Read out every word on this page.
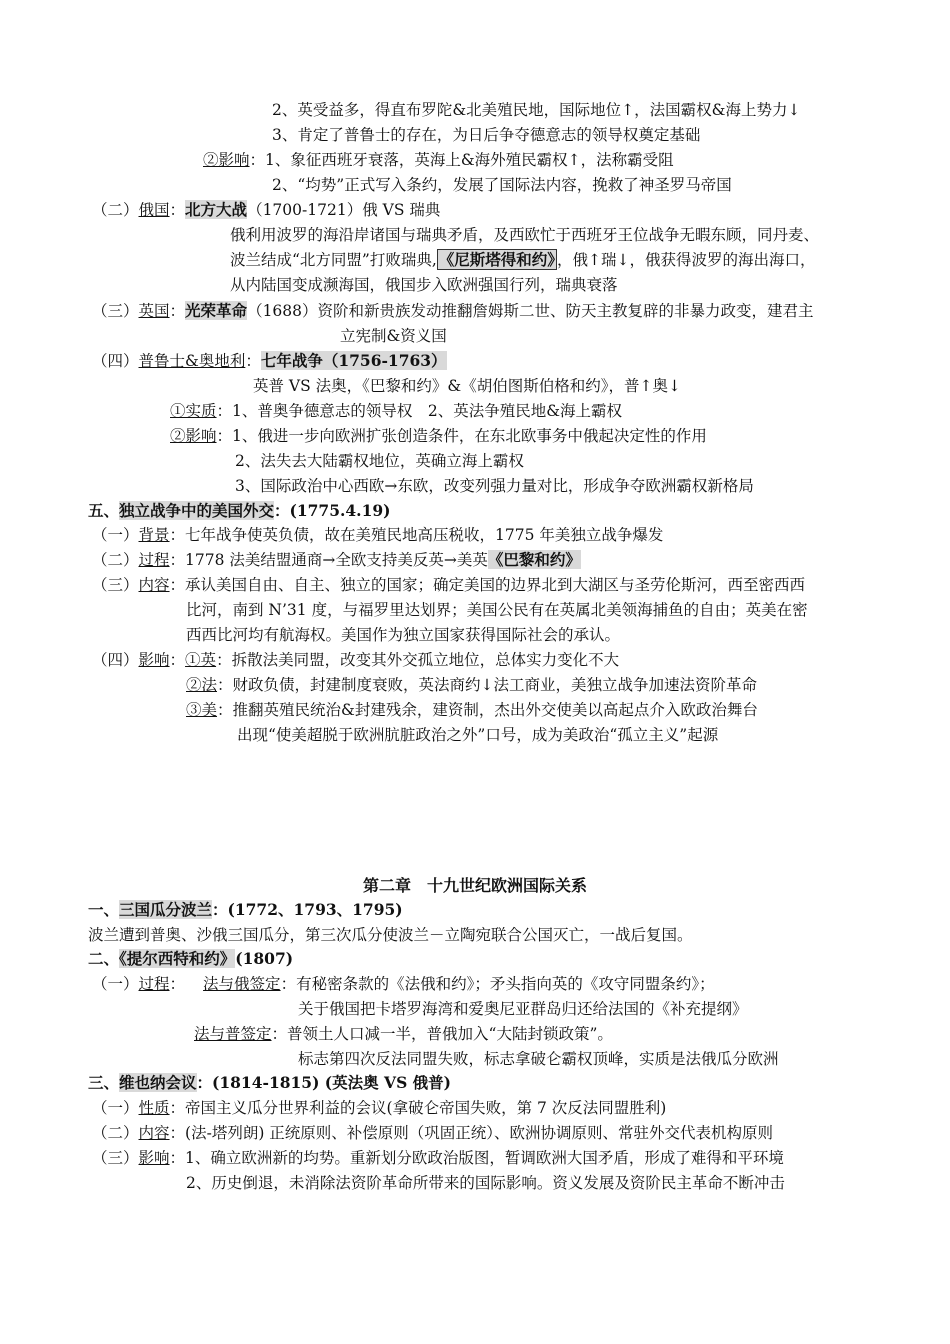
2、英受益多，得直布罗陀&北美殖民地，国际地位↑，法国霸权&海上势力↓
3、肯定了普鲁士的存在，为日后争夺德意志的领导权奠定基础
②影响：1、象征西班牙衰落，英海上&海外殖民霸权↑，法称霸受阻
2、“均势”正式写入条约，发展了国际法内容，挽救了神圣罗马帝国
（二）俄国：北方大战（1700-1721）俄 VS 瑞典
俄利用波罗的海沿岸诸国与瑞典矛盾，及西欧忙于西班牙王位战争无暇东顾，同丹麦、
波兰结成“北方同盟”打败瑞典, 《尼斯塔得和约》 ，俄↑瑞↓，俄获得波罗的海出海口，
从内陆国变成濒海国，俄国步入欧洲强国行列，瑞典衰落
（三）英国：光荣革命（1688）资阶和新贵族发动推翻詹姆斯二世、防天主教复辟的非暴力政变，建君主
立宪制&资义国
（四）普鲁士&奥地利：七年战争（1756-1763）
英普 VS 法奥，《巴黎和约》&《胡伯图斯伯格和约》，普↑奥↓
①实质：1、普奥争德意志的领导权　2、英法争殖民地&海上霸权
②影响：1、俄进一步向欧洲扩张创造条件，在东北欧事务中俄起决定性的作用
2、法失去大陆霸权地位，英确立海上霸权
3、国际政治中心西欧→东欧，改变列强力量对比，形成争夺欧洲霸权新格局
五、独立战争中的美国外交：(1775.4.19)
（一）背景：七年战争使英负债，故在美殖民地高压税收，1775 年美独立战争爆发
（二）过程：1778 法美结盟通商→全欧支持美反英→美英《巴黎和约》
（三）内容：承认美国自由、自主、独立的国家；确定美国的边界北到大湖区与圣劳伦斯河，西至密西西
比河，南到 N’31 度，与福罗里达划界；美国公民有在英属北美领海捕鱼的自由；英美在密
西西比河均有航海权。美国作为独立国家获得国际社会的承认。
（四）影响：①英：拆散法美同盟，改变其外交孤立地位，总体实力变化不大
②法：财政负债，封建制度衰败，英法商约↓法工商业，美独立战争加速法资阶革命
③美：推翻英殖民统治&封建残余，建资制，杰出外交使美以高起点介入欧政治舞台
出现“使美超脱于欧洲肮脏政治之外”口号，成为美政治“孤立主义”起源
第二章　十九世纪欧洲国际关系
一、三国瓜分波兰：(1772、1793、1795)
波兰遭到普奥、沙俄三国瓜分，第三次瓜分使波兰－立陶宛联合公国灭亡，一战后复国。
二、《提尔西特和约》(1807)
（一）过程： 法与俄签定：有秘密条款的《法俄和约》；矛头指向英的《攻守同盟条约》；
关于俄国把卡塔罗海湾和爱奥尼亚群岛归还给法国的《补充提纲》
法与普签定：普领土人口减一半，普俄加入“大陆封锁政策”。
标志第四次反法同盟失败，标志拿破仑霸权顶峰，实质是法俄瓜分欧洲
三、维也纳会议：(1814-1815) (英法奥 VS 俄普)
（一）性质：帝国主义瓜分世界利益的会议(拿破仑帝国失败，第 7 次反法同盟胜利)
（二）内容：(法-塔列朗) 正统原则、补偿原则（巩固正统）、欧洲协调原则、常驻外交代表机构原则
（三）影响：1、确立欧洲新的均势。重新划分欧政治版图，暂调欧洲大国矛盾，形成了难得和平环境
2、历史倒退，未消除法资阶革命所带来的国际影响。资义发展及资阶民主革命不断冲击
